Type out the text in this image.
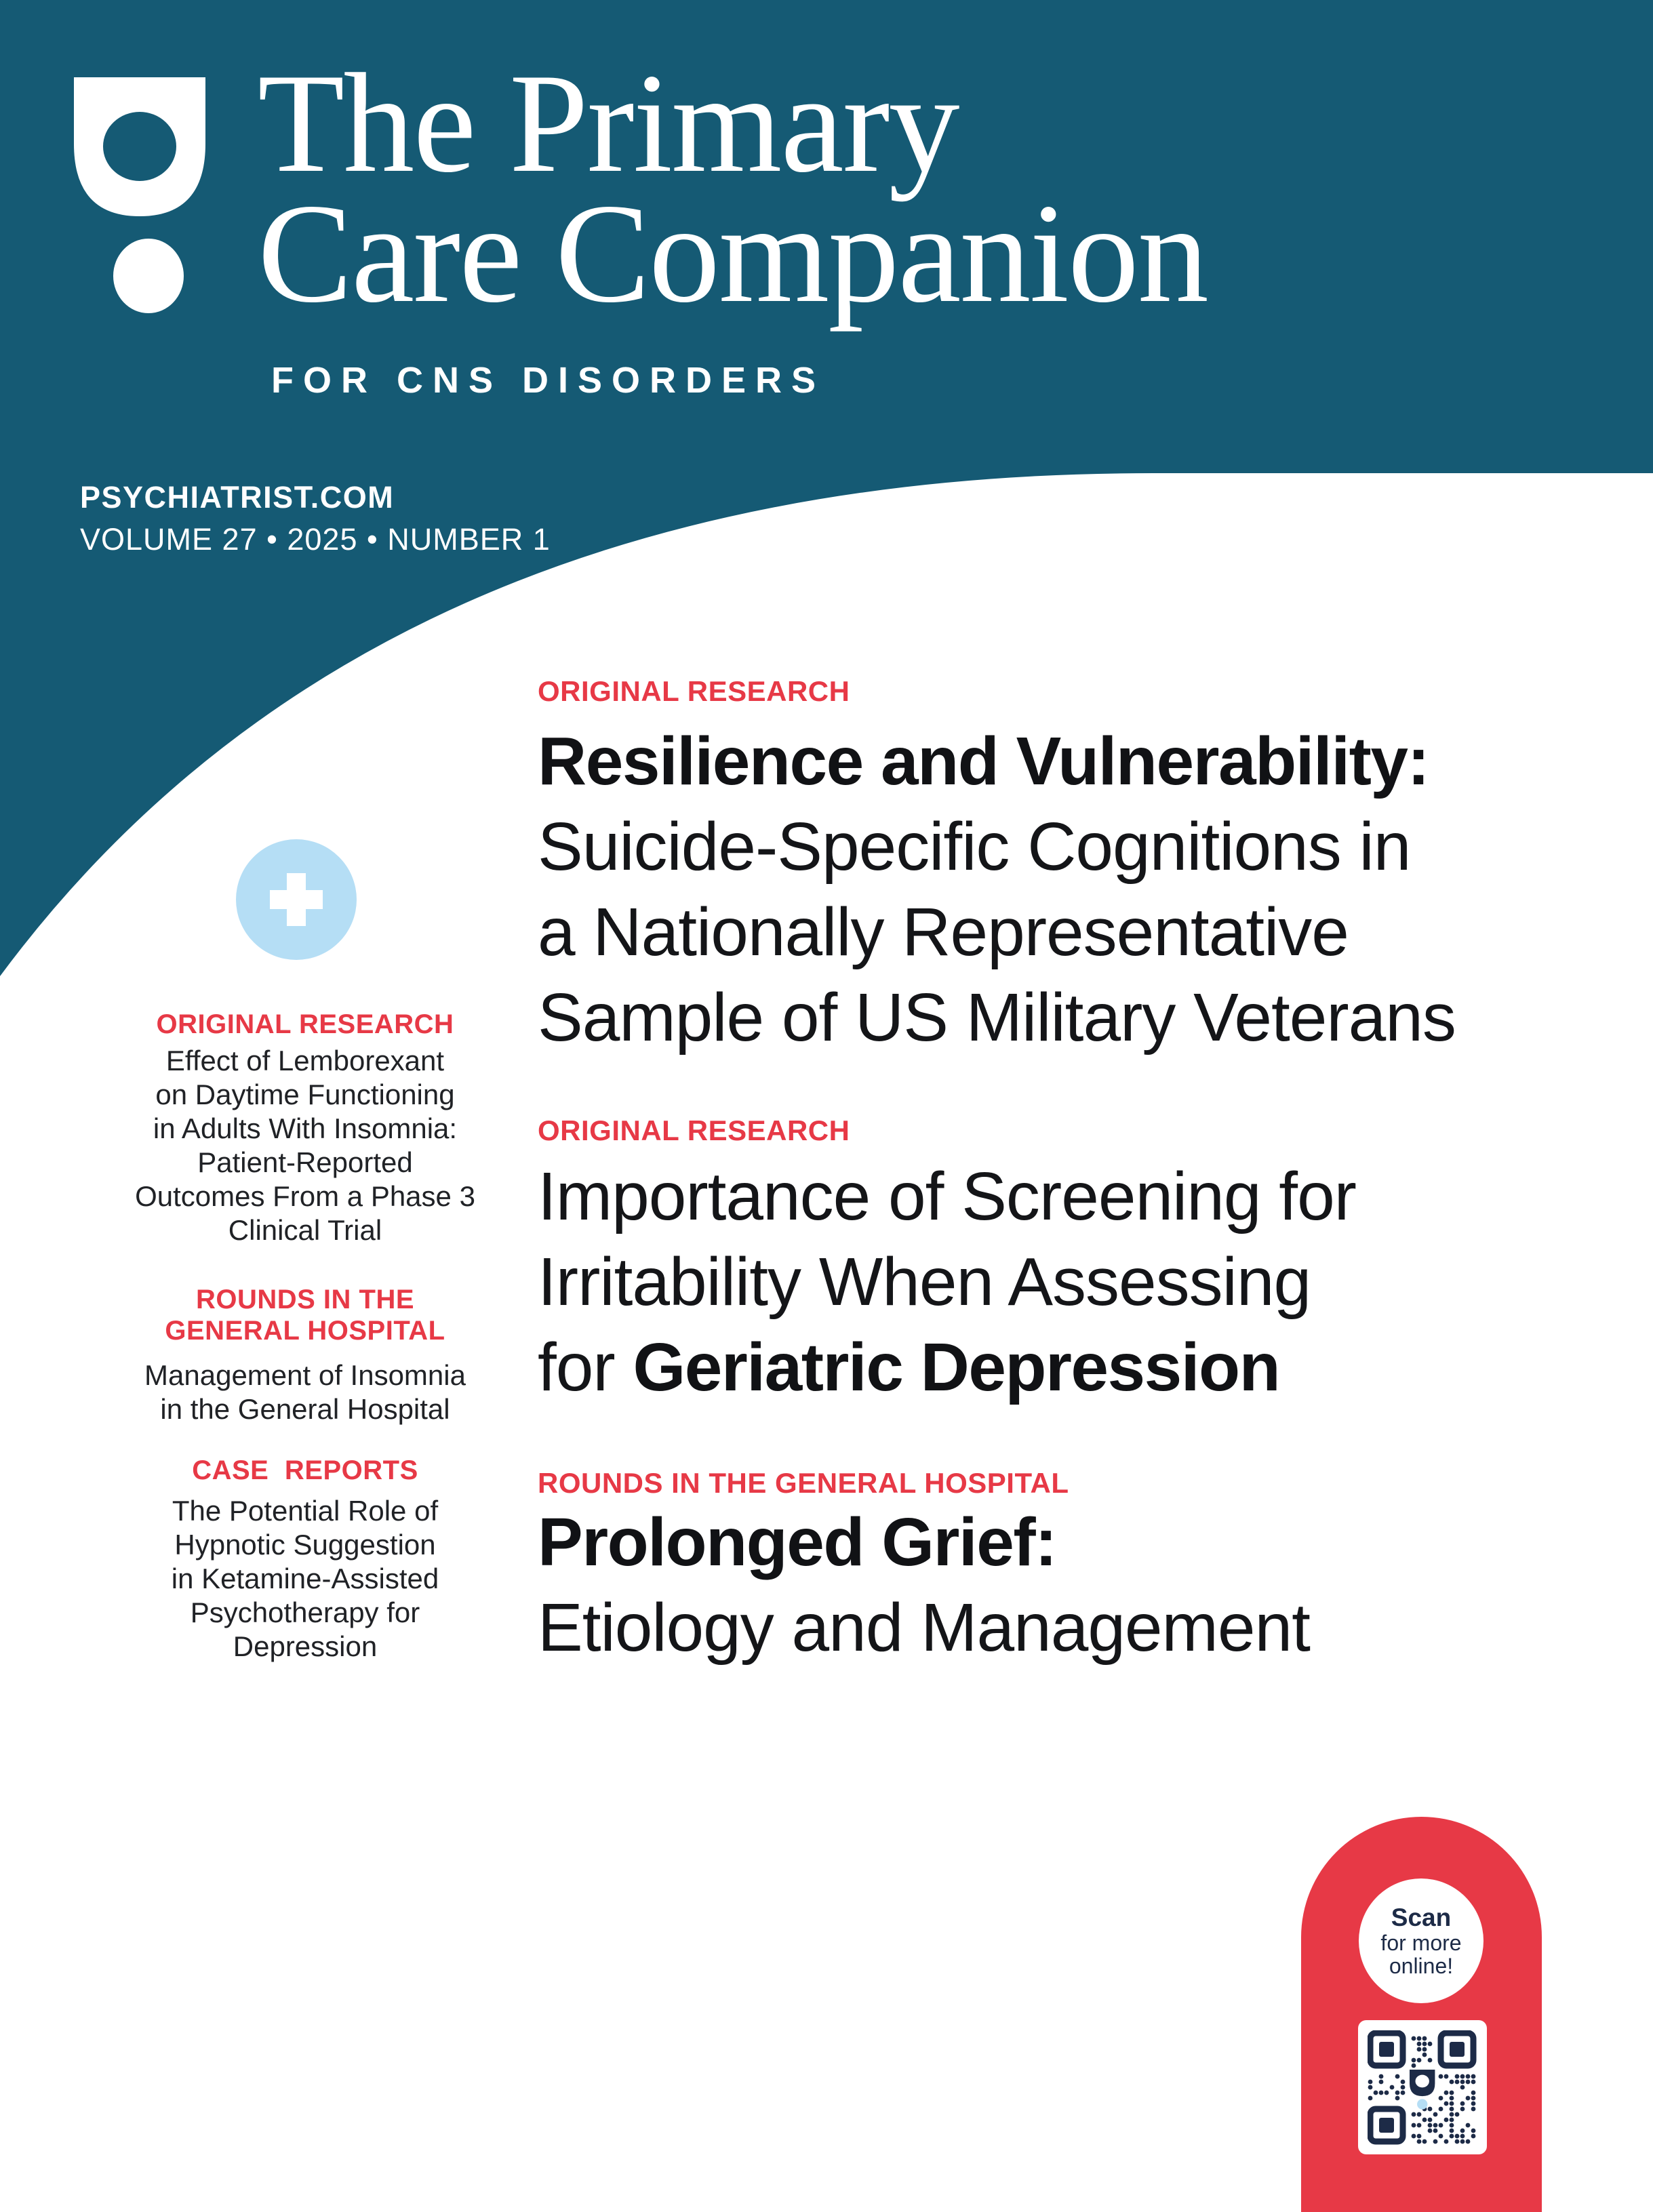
The Primary
Care Companion
FOR CNS DISORDERS
PSYCHIATRIST.COM
VOLUME 27 • 2025 • NUMBER 1
ORIGINAL RESEARCH
Effect of Lemborexant
on Daytime Functioning
in Adults With Insomnia:
Patient-Reported
Outcomes From a Phase 3
Clinical Trial
ROUNDS IN THE
GENERAL HOSPITAL
Management of Insomnia
in the General Hospital
CASE REPORTS
The Potential Role of
Hypnotic Suggestion
in Ketamine-Assisted
Psychotherapy for
Depression
ORIGINAL RESEARCH
Resilience and Vulnerability:
Suicide-Specific Cognitions in
a Nationally Representative
Sample of US Military Veterans
ORIGINAL RESEARCH
Importance of Screening for
Irritability When Assessing
for Geriatric Depression
ROUNDS IN THE GENERAL HOSPITAL
Prolonged Grief:
Etiology and Management
Scan
for more
online!
